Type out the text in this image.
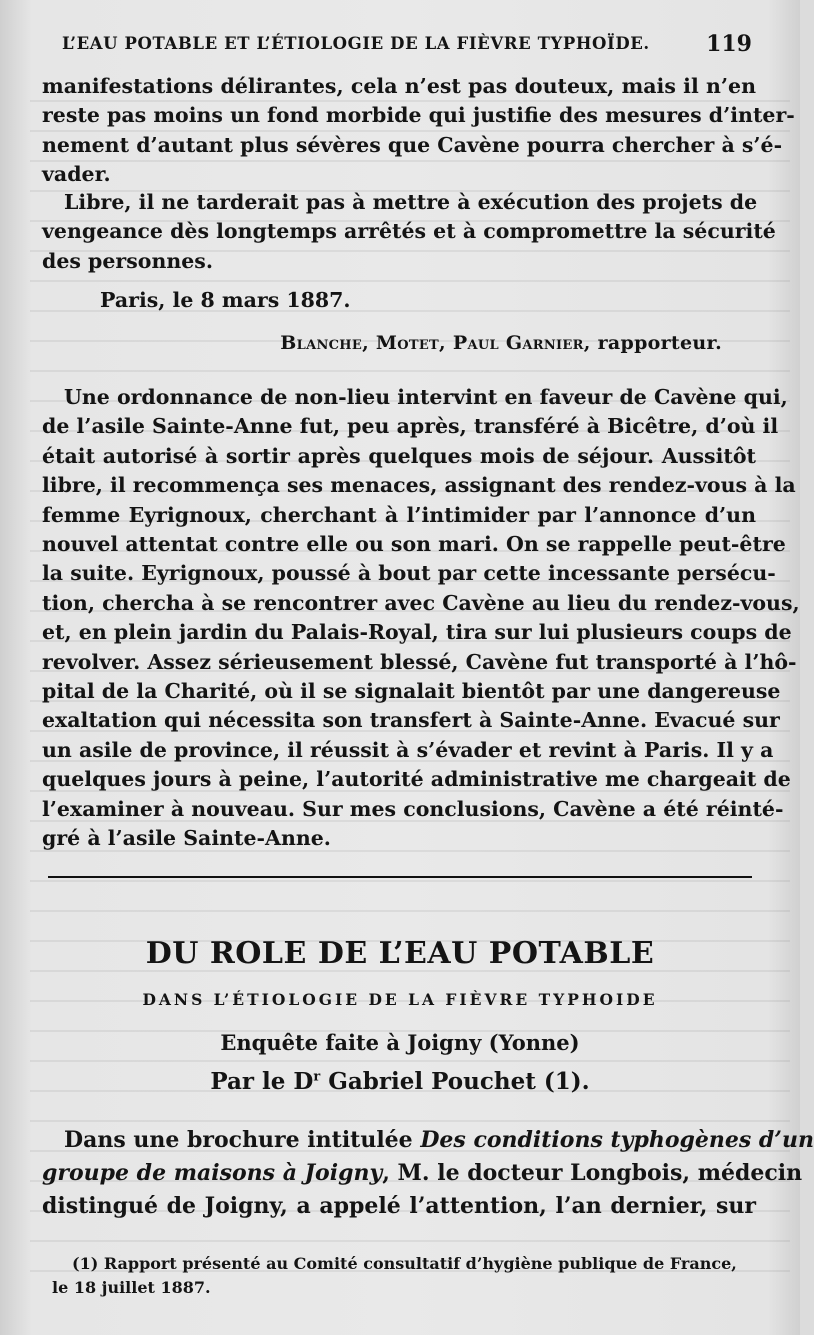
L’EAU POTABLE ET L’ÉTIOLOGIE DE LA FIÈVRE TYPHOÏDE.	119
manifestations délirantes, cela n’est pas douteux, mais il n’en
reste pas moins un fond morbide qui justifie des mesures d’inter-
nement d’autant plus sévères que Cavène pourra chercher à s’é-
vader.
Libre, il ne tarderait pas à mettre à exécution des projets de
vengeance dès longtemps arrêtés et à compromettre la sécurité
des personnes.
Paris, le 8 mars 1887.
Blanche, Motet, Paul Garnier, rapporteur.
Une ordonnance de non-lieu intervint en faveur de Cavène qui,
de l’asile Sainte-Anne fut, peu après, transféré à Bicêtre, d’où il
était autorisé à sortir après quelques mois de séjour. Aussitôt
libre, il recommença ses menaces, assignant des rendez-vous à la
femme Eyrignoux, cherchant à l’intimider par l’annonce d’un
nouvel attentat contre elle ou son mari. On se rappelle peut-être
la suite. Eyrignoux, poussé à bout par cette incessante persécu-
tion, chercha à se rencontrer avec Cavène au lieu du rendez-vous,
et, en plein jardin du Palais-Royal, tira sur lui plusieurs coups de
revolver. Assez sérieusement blessé, Cavène fut transporté à l’hô-
pital de la Charité, où il se signalait bientôt par une dangereuse
exaltation qui nécessita son transfert à Sainte-Anne. Evacué sur
un asile de province, il réussit à s’évader et revint à Paris. Il y a
quelques jours à peine, l’autorité administrative me chargeait de
l’examiner à nouveau. Sur mes conclusions, Cavène a été réinté-
gré à l’asile Sainte-Anne.
DU ROLE DE L’EAU POTABLE
DANS L’ÉTIOLOGIE DE LA FIÈVRE TYPHOIDE
Enquête faite à Joigny (Yonne)
Par le $D^r$ Gabriel Pouchet (1).
Dans une brochure intitulée Des conditions typhogènes d’un
groupe de maisons à Joigny, M. le docteur Longbois, médecin
distingué de Joigny, a appelé l’attention, l’an dernier, sur
(1) Rapport présenté au Comité consultatif d’hygiène publique de France,
le 18 juillet 1887.
